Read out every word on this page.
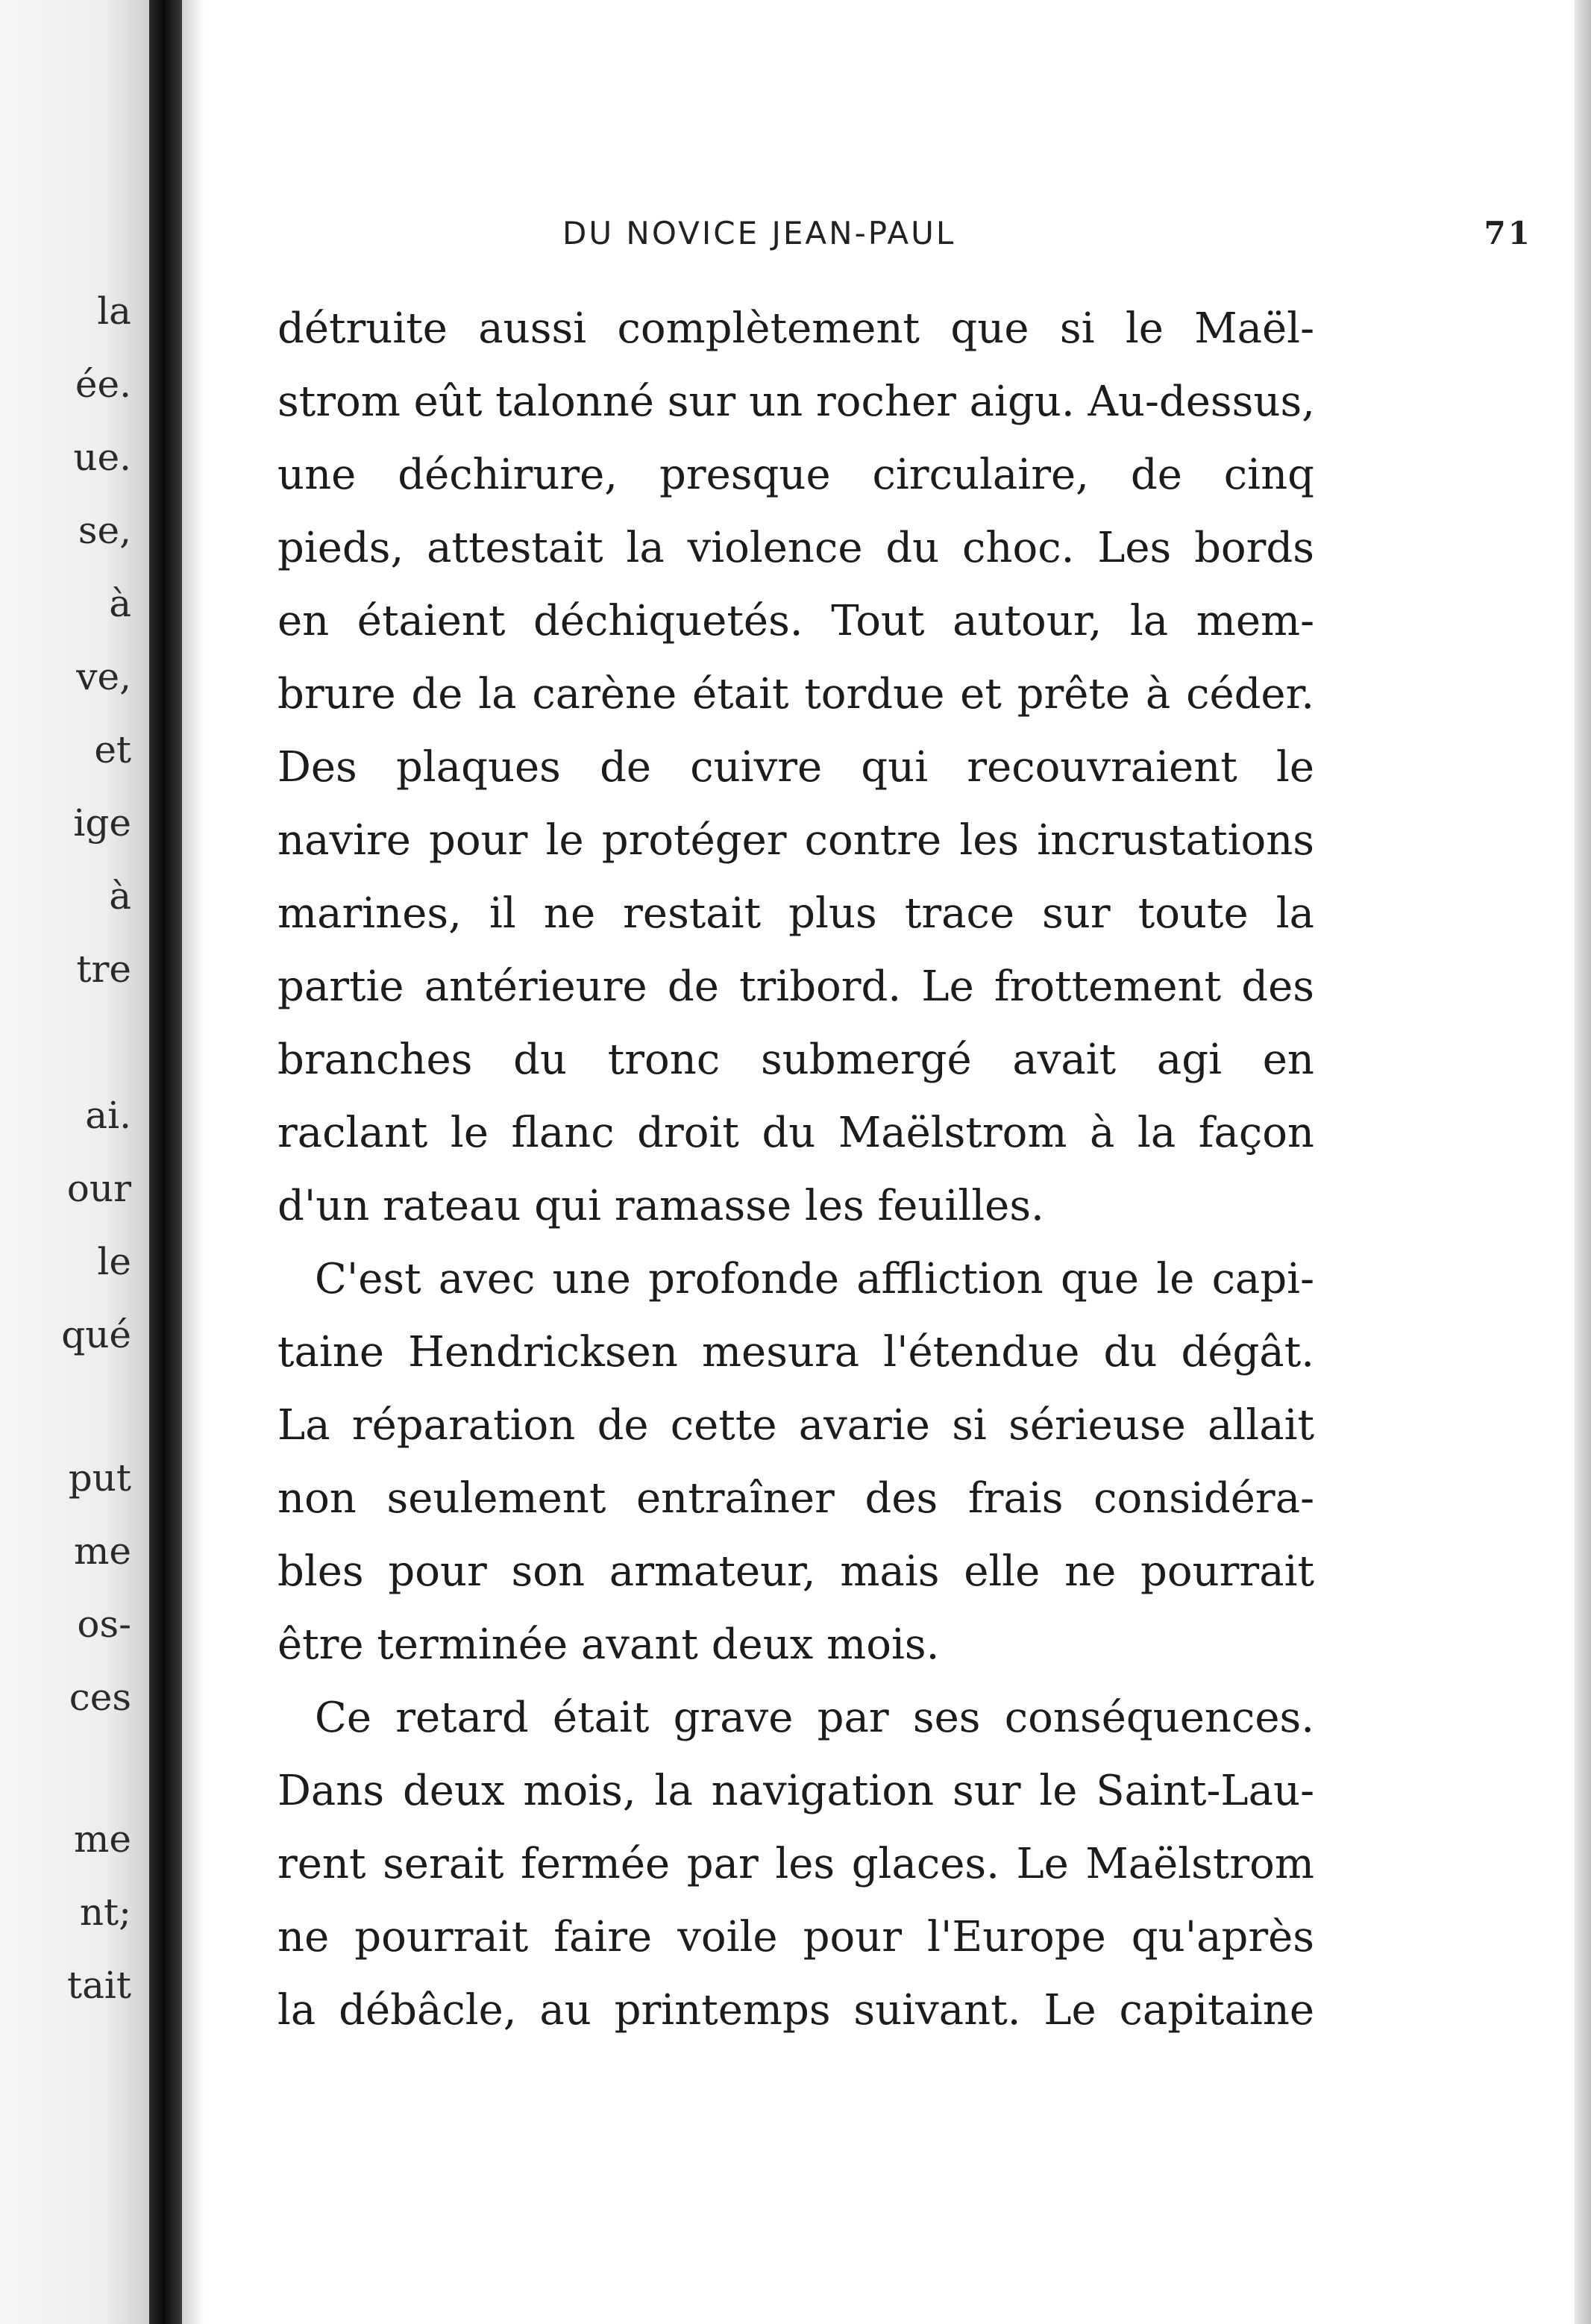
la
ée.
ue.
se,
à
ve,
et
ige
à
tre
ai.
our
le
qué
put
me
os-
ces
me
nt;
tait
DU NOVICE JEAN-PAUL	71
détruite aussi complètement que si le Maël-
strom eût talonné sur un rocher aigu. Au-dessus,
une déchirure, presque circulaire, de cinq
pieds, attestait la violence du choc. Les bords
en étaient déchiquetés. Tout autour, la mem-
brure de la carène était tordue et prête à céder.
Des plaques de cuivre qui recouvraient le
navire pour le protéger contre les incrustations
marines, il ne restait plus trace sur toute la
partie antérieure de tribord. Le frottement des
branches du tronc submergé avait agi en
raclant le flanc droit du Maëlstrom à la façon
d'un rateau qui ramasse les feuilles.
C'est avec une profonde affliction que le capi-
taine Hendricksen mesura l'étendue du dégât.
La réparation de cette avarie si sérieuse allait
non seulement entraîner des frais considéra-
bles pour son armateur, mais elle ne pourrait
être terminée avant deux mois.
Ce retard était grave par ses conséquences.
Dans deux mois, la navigation sur le Saint-Lau-
rent serait fermée par les glaces. Le Maëlstrom
ne pourrait faire voile pour l'Europe qu'après
la débâcle, au printemps suivant. Le capitaine
